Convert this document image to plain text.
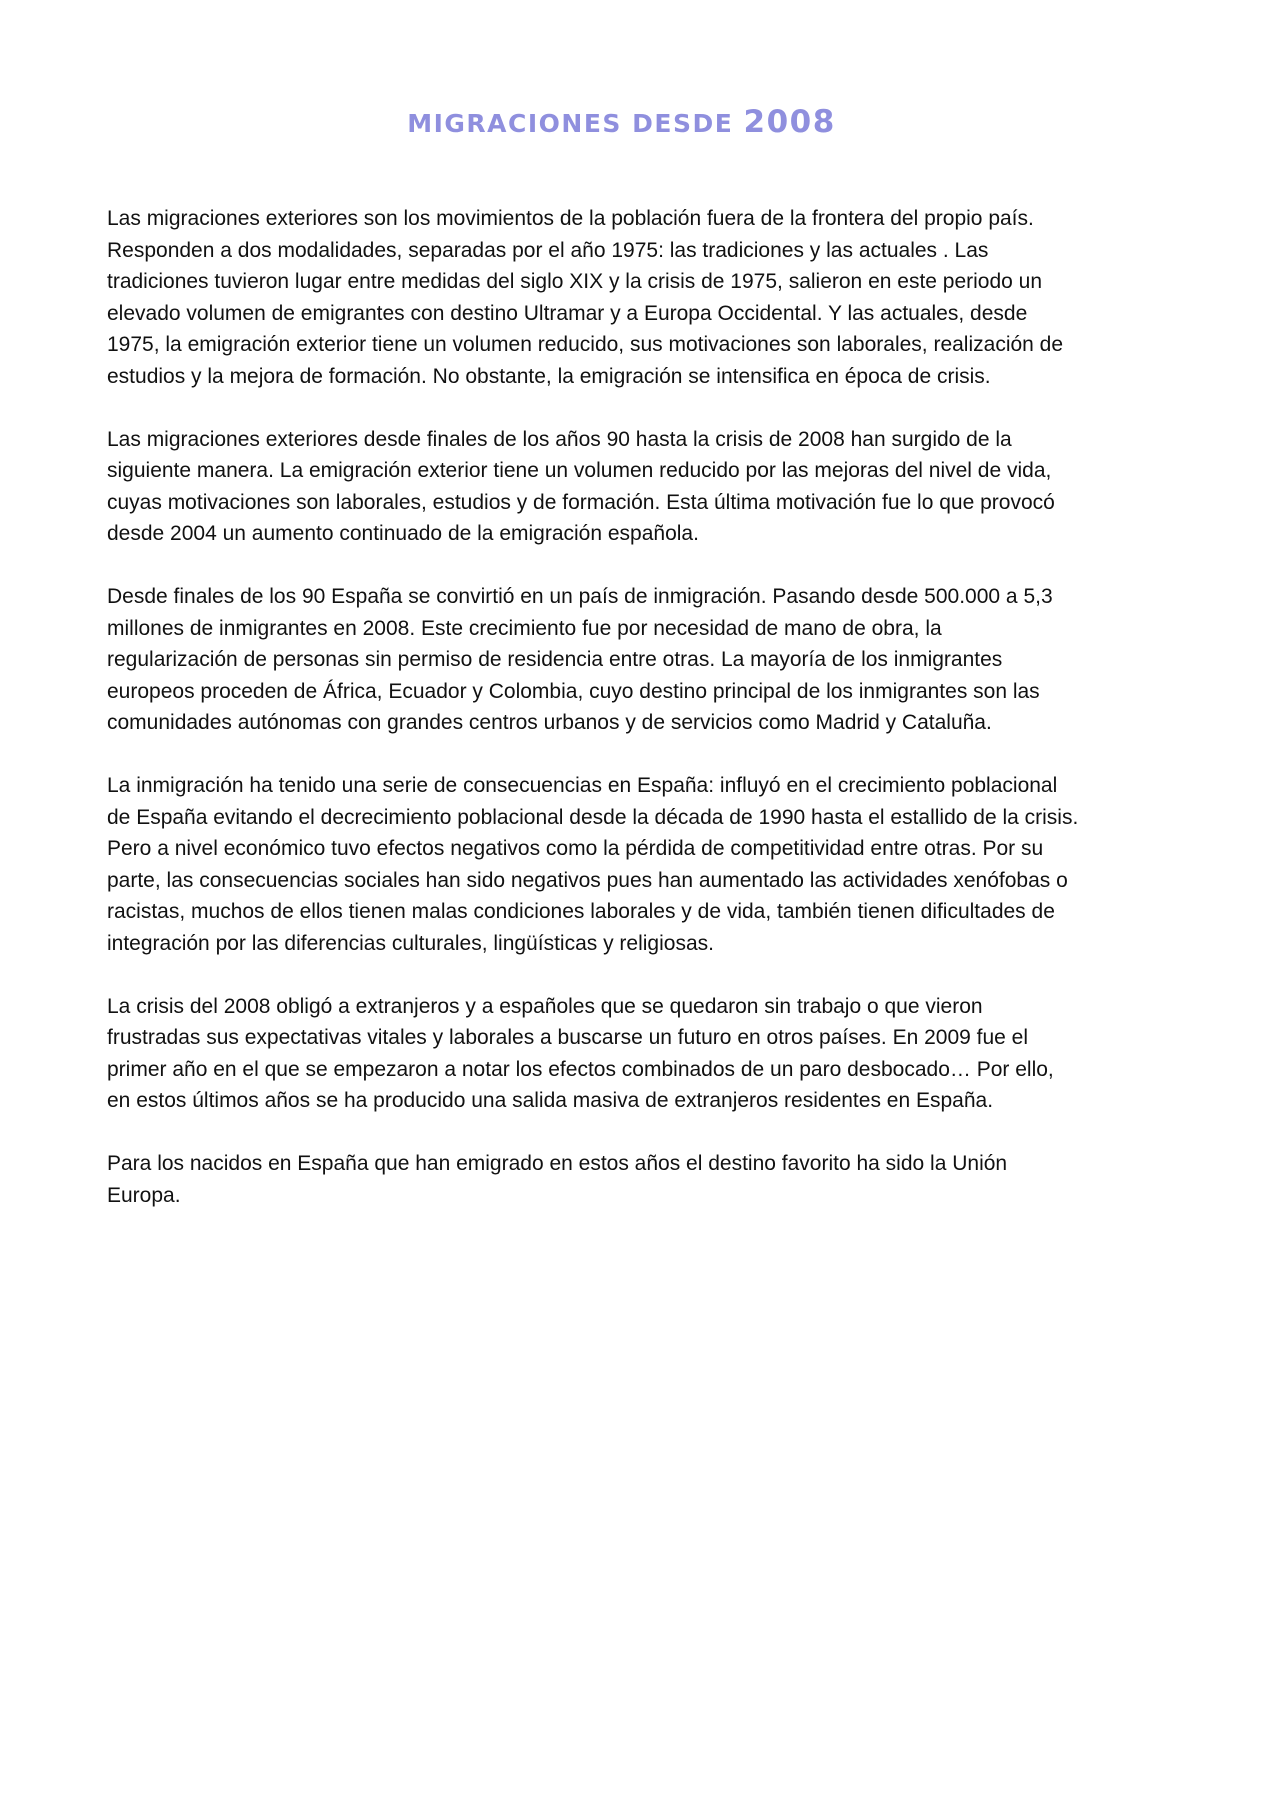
MIGRACIONES DESDE 2008

Las migraciones exteriores son los movimientos de la población fuera de la frontera del propio país.
Responden a dos modalidades, separadas por el año 1975: las tradiciones y las actuales . Las
tradiciones tuvieron lugar entre medidas del siglo XIX y la crisis de 1975, salieron en este periodo un
elevado volumen de emigrantes con destino Ultramar y a Europa Occidental. Y las actuales, desde
1975, la emigración exterior tiene un volumen reducido, sus motivaciones son laborales, realización de
estudios y la mejora de formación. No obstante, la emigración se intensifica en época de crisis.

Las migraciones exteriores desde finales de los años 90 hasta la crisis de 2008 han surgido de la
siguiente manera. La emigración exterior tiene un volumen reducido por las mejoras del nivel de vida,
cuyas motivaciones son laborales, estudios y de formación. Esta última motivación fue lo que provocó
desde 2004 un aumento continuado de la emigración española.

Desde finales de los 90 España se convirtió en un país de inmigración. Pasando desde 500.000 a 5,3
millones de inmigrantes en 2008. Este crecimiento fue por necesidad de mano de obra, la
regularización de personas sin permiso de residencia entre otras. La mayoría de los inmigrantes
europeos proceden de África, Ecuador y Colombia, cuyo destino principal de los inmigrantes son las
comunidades autónomas con grandes centros urbanos y de servicios como Madrid y Cataluña.

La inmigración ha tenido una serie de consecuencias en España: influyó en el crecimiento poblacional
de España evitando el decrecimiento poblacional desde la década de 1990 hasta el estallido de la crisis.
Pero a nivel económico tuvo efectos negativos como la pérdida de competitividad entre otras. Por su
parte, las consecuencias sociales han sido negativos pues han aumentado las actividades xenófobas o
racistas, muchos de ellos tienen malas condiciones laborales y de vida, también tienen dificultades de
integración por las diferencias culturales, lingüísticas y religiosas.

La crisis del 2008 obligó a extranjeros y a españoles que se quedaron sin trabajo o que vieron
frustradas sus expectativas vitales y laborales a buscarse un futuro en otros países. En 2009 fue el
primer año en el que se empezaron a notar los efectos combinados de un paro desbocado… Por ello,
en estos últimos años se ha producido una salida masiva de extranjeros residentes en España.

Para los nacidos en España que han emigrado en estos años el destino favorito ha sido la Unión
Europa.
